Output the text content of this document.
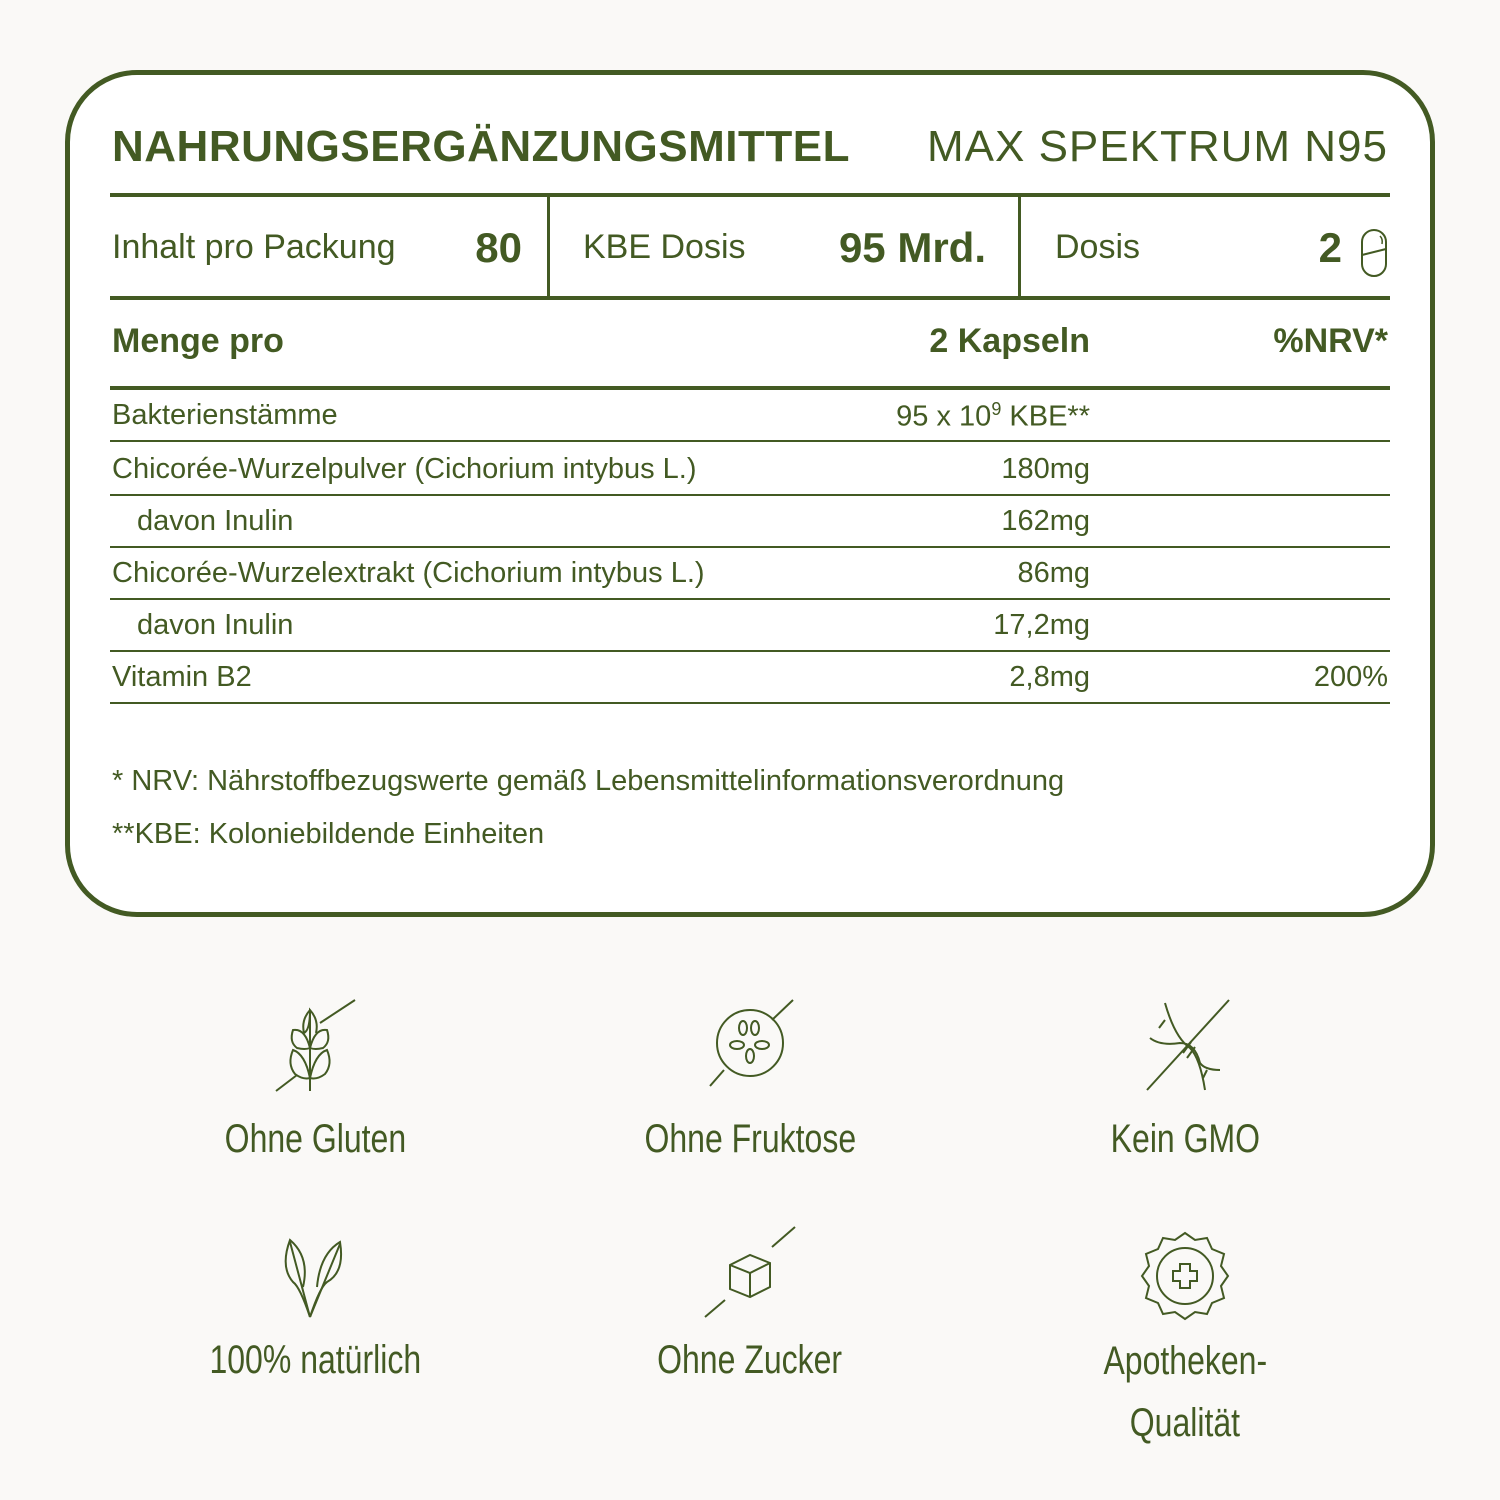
NAHRUNGSERGÄNZUNGSMITTEL MAX SPEKTRUM N95
Inhalt pro Packung 80 KBE Dosis 95 Mrd. Dosis	2
Menge pro	2 Kapseln	%NRV*
Bakterienstämme	95 x $10^9$ KBE**
Chicorée-Wurzelpulver (Cichorium intybus L.)	180mg
davon Inulin	162mg
Chicorée-Wurzelextrakt (Cichorium intybus L.)	86mg
davon Inulin	17,2mg
Vitamin B2	2,8mg	200%
* NRV: Nährstoffbezugswerte gemäß Lebensmittelinformationsverordnung
**KBE: Koloniebildende Einheiten
Ohne Gluten	Ohne Fruktose	Kein GMO
100% natürlich	Ohne Zucker	Apotheken-
Qualität
